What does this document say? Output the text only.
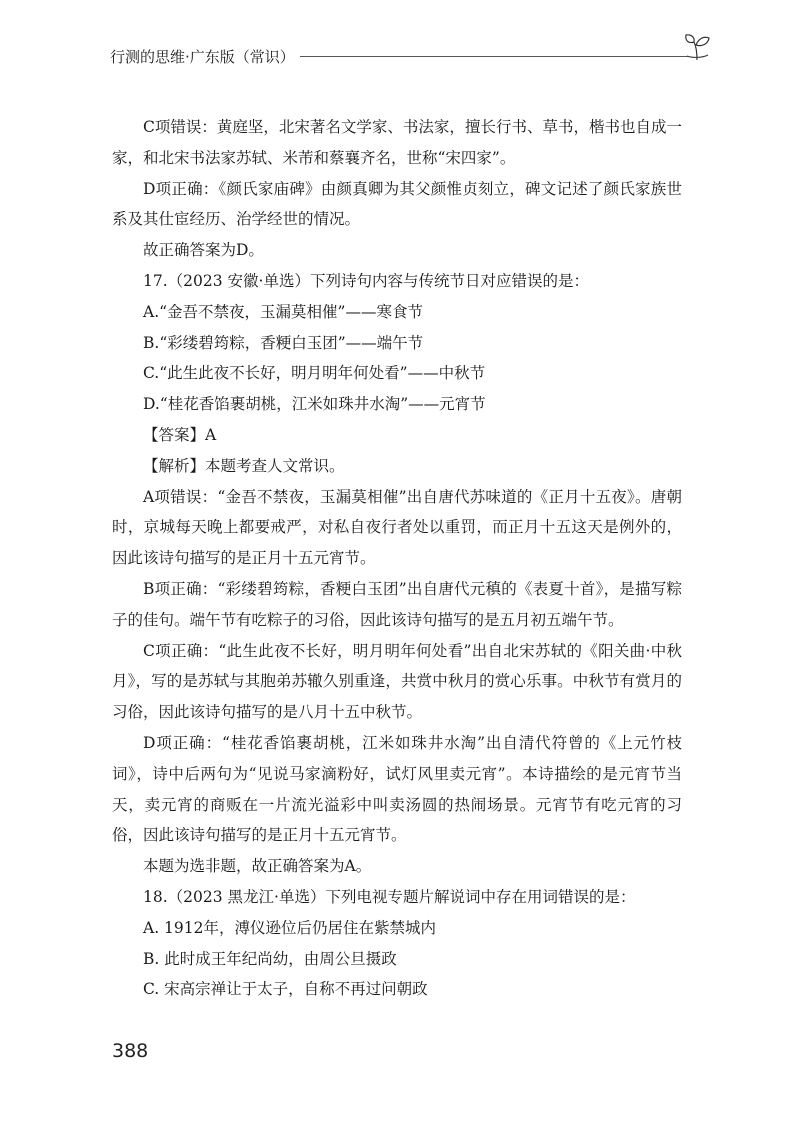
行测的思维·广东版（常识）

C项错误：黄庭坚，北宋著名文学家、书法家，擅长行书、草书，楷书也自成一家，和北宋书法家苏轼、米芾和蔡襄齐名，世称“宋四家”。

D项正确：《颜氏家庙碑》由颜真卿为其父颜惟贞刻立，碑文记述了颜氏家族世系及其仕宦经历、治学经世的情况。

故正确答案为D。

17.（2023 安徽·单选）下列诗句内容与传统节日对应错误的是：

A.“金吾不禁夜，玉漏莫相催”——寒食节

B.“彩缕碧筠粽，香粳白玉团”——端午节

C.“此生此夜不长好，明月明年何处看”——中秋节

D.“桂花香馅裹胡桃，江米如珠井水淘”——元宵节

【答案】A

【解析】本题考查人文常识。

A项错误：“金吾不禁夜，玉漏莫相催”出自唐代苏味道的《正月十五夜》。唐朝时，京城每天晚上都要戒严，对私自夜行者处以重罚，而正月十五这天是例外的，因此该诗句描写的是正月十五元宵节。

B项正确：“彩缕碧筠粽，香粳白玉团”出自唐代元稹的《表夏十首》，是描写粽子的佳句。端午节有吃粽子的习俗，因此该诗句描写的是五月初五端午节。

C项正确：“此生此夜不长好，明月明年何处看”出自北宋苏轼的《阳关曲·中秋月》，写的是苏轼与其胞弟苏辙久别重逢，共赏中秋月的赏心乐事。中秋节有赏月的习俗，因此该诗句描写的是八月十五中秋节。

D项正确：“桂花香馅裹胡桃，江米如珠井水淘”出自清代符曾的《上元竹枝词》，诗中后两句为“见说马家滴粉好，试灯风里卖元宵”。本诗描绘的是元宵节当天，卖元宵的商贩在一片流光溢彩中叫卖汤圆的热闹场景。元宵节有吃元宵的习俗，因此该诗句描写的是正月十五元宵节。

本题为选非题，故正确答案为A。

18.（2023 黑龙江·单选）下列电视专题片解说词中存在用词错误的是：

A. 1912年，溥仪逊位后仍居住在紫禁城内

B. 此时成王年纪尚幼，由周公旦摄政

C. 宋高宗禅让于太子，自称不再过问朝政

388
